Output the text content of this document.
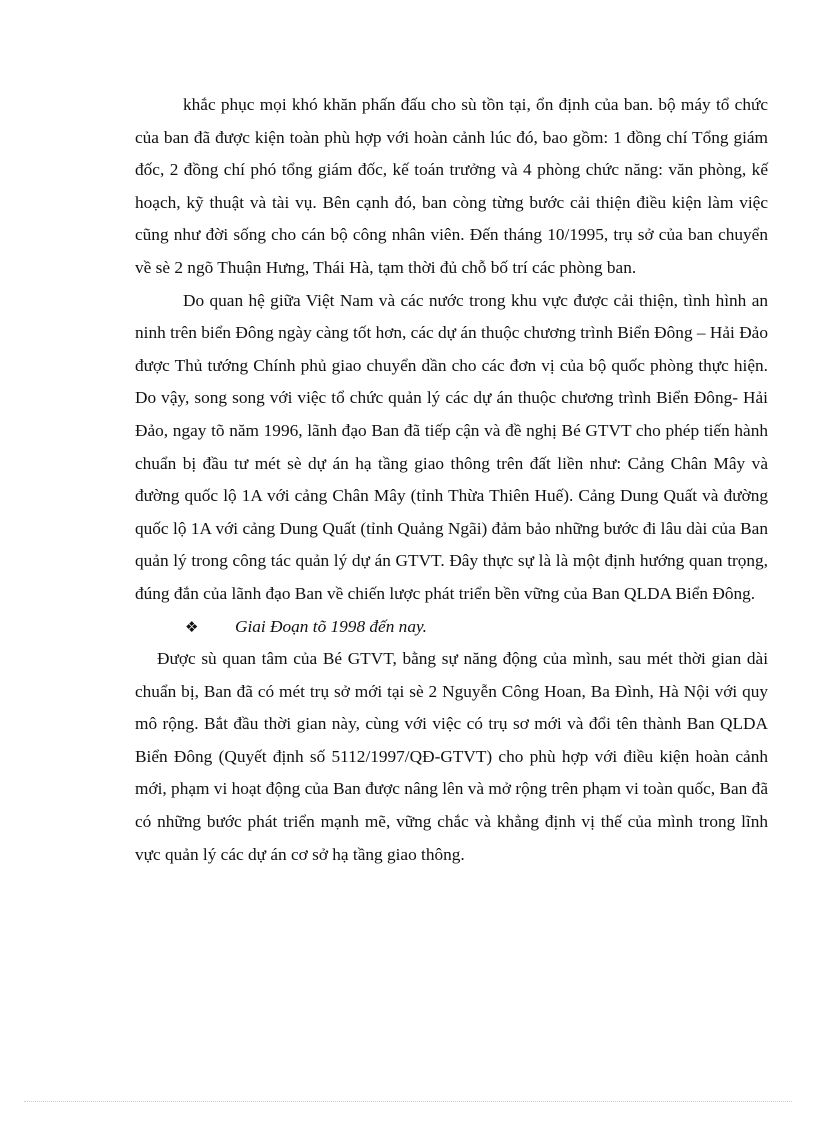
khắc phục mọi khó khăn phấn đấu cho sù tồn tại, ổn định của ban. bộ máy tổ chức của ban đã được kiện toàn phù hợp với hoàn cảnh lúc đó, bao gồm: 1 đồng chí Tổng giám đốc, 2 đồng chí phó tổng giám đốc, kế toán trưởng và 4 phòng chức năng: văn phòng, kế hoạch, kỹ thuật và tài vụ. Bên cạnh đó, ban còng từng bước cải thiện điều kiện làm việc cũng như đời sống cho cán bộ công nhân viên. Đến tháng 10/1995, trụ sở của ban chuyển về sè 2 ngõ Thuận Hưng, Thái Hà, tạm thời đủ chỗ bố trí các phòng ban.

Do quan hệ giữa Việt Nam và các nước trong khu vực được cải thiện, tình hình an ninh trên biển Đông ngày càng tốt hơn, các dự án thuộc chương trình Biển Đông – Hải Đảo được Thủ tướng Chính phủ giao chuyển dần cho các đơn vị của bộ quốc phòng thực hiện. Do vậy, song song với việc tổ chức quản lý các dự án thuộc chương trình Biển Đông- Hải Đảo, ngay tõ năm 1996, lãnh đạo Ban đã tiếp cận và đề nghị Bé GTVT cho phép tiến hành chuẩn bị đầu tư mét sè dự án hạ tầng giao thông trên đất liền như: Cảng Chân Mây và đường quốc lộ 1A với cảng Chân Mây (tỉnh Thừa Thiên Huế). Cảng Dung Quất và đường quốc lộ 1A với cảng Dung Quất (tỉnh Quảng Ngãi) đảm bảo những bước đi lâu dài của Ban quản lý trong công tác quản lý dự án GTVT. Đây thực sự là là một định hướng quan trọng, đúng đắn của lãnh đạo Ban về chiến lược phát triển bền vững của Ban QLDA Biển Đông.

❖ Giai Đoạn tõ 1998 đến nay.

Được sù quan tâm của Bé GTVT, bằng sự năng động của mình, sau mét thời gian dài chuẩn bị, Ban đã có mét trụ sở mới tại sè 2 Nguyễn Công Hoan, Ba Đình, Hà Nội với quy mô rộng. Bắt đầu thời gian này, cùng với việc có trụ sơ mới và đổi tên thành Ban QLDA Biển Đông (Quyết định số 5112/1997/QĐ-GTVT) cho phù hợp với điều kiện hoàn cảnh mới, phạm vi hoạt động của Ban được nâng lên và mở rộng trên phạm vi toàn quốc, Ban đã có những bước phát triển mạnh mẽ, vững chắc và khẳng định vị thế của mình trong lĩnh vực quản lý các dự án cơ sở hạ tầng giao thông.
